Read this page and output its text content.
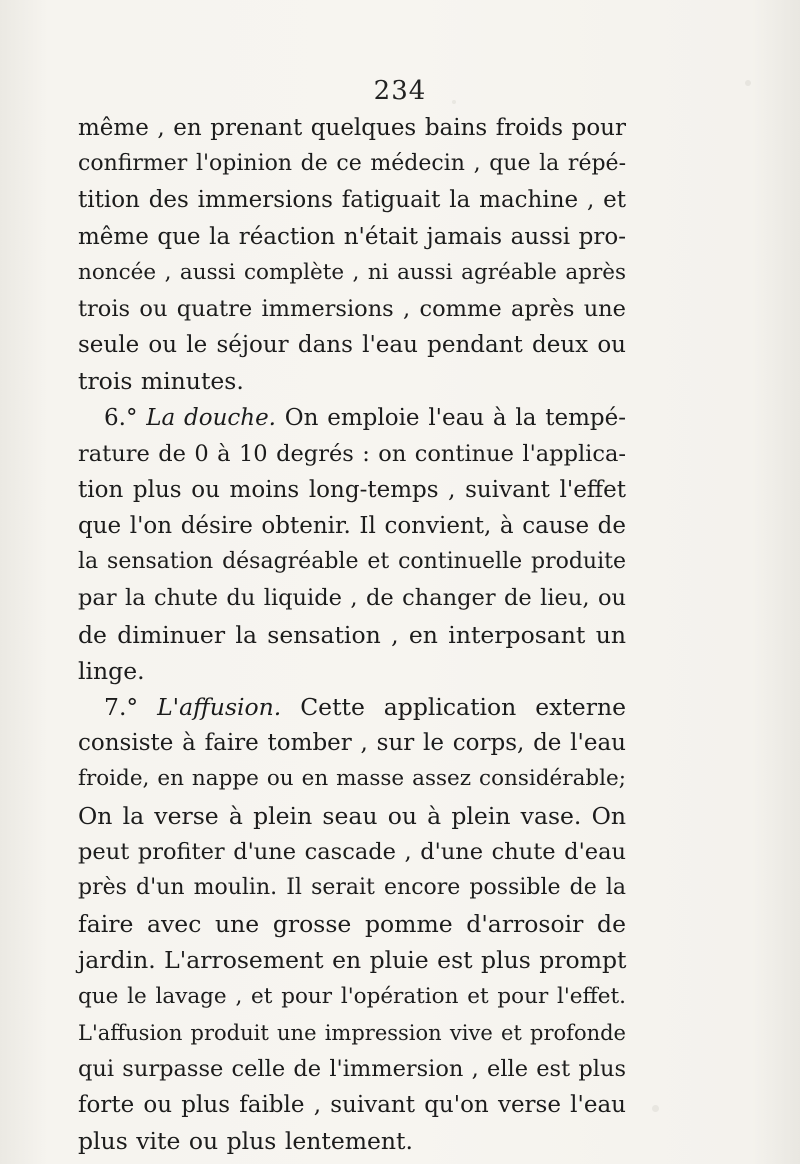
234
même , en prenant quelques bains froids pour
confirmer l'opinion de ce médecin , que la répé-
tition des immersions fatiguait la machine , et
même que la réaction n'était jamais aussi pro-
noncée , aussi complète , ni aussi agréable après
trois ou quatre immersions , comme après une
seule ou le séjour dans l'eau pendant deux ou
trois minutes.
6.° La douche. On emploie l'eau à la tempé-
rature de 0 à 10 degrés : on continue l'applica-
tion plus ou moins long-temps , suivant l'effet
que l'on désire obtenir. Il convient, à cause de
la sensation désagréable et continuelle produite
par la chute du liquide , de changer de lieu, ou
de diminuer la sensation , en interposant un
linge.
7.° L'affusion. Cette application externe
consiste à faire tomber , sur le corps, de l'eau
froide, en nappe ou en masse assez considérable;
On la verse à plein seau ou à plein vase. On
peut profiter d'une cascade , d'une chute d'eau
près d'un moulin. Il serait encore possible de la
faire avec une grosse pomme d'arrosoir de
jardin. L'arrosement en pluie est plus prompt
que le lavage , et pour l'opération et pour l'effet.
L'affusion produit une impression vive et profonde
qui surpasse celle de l'immersion , elle est plus
forte ou plus faible , suivant qu'on verse l'eau
plus vite ou plus lentement.
